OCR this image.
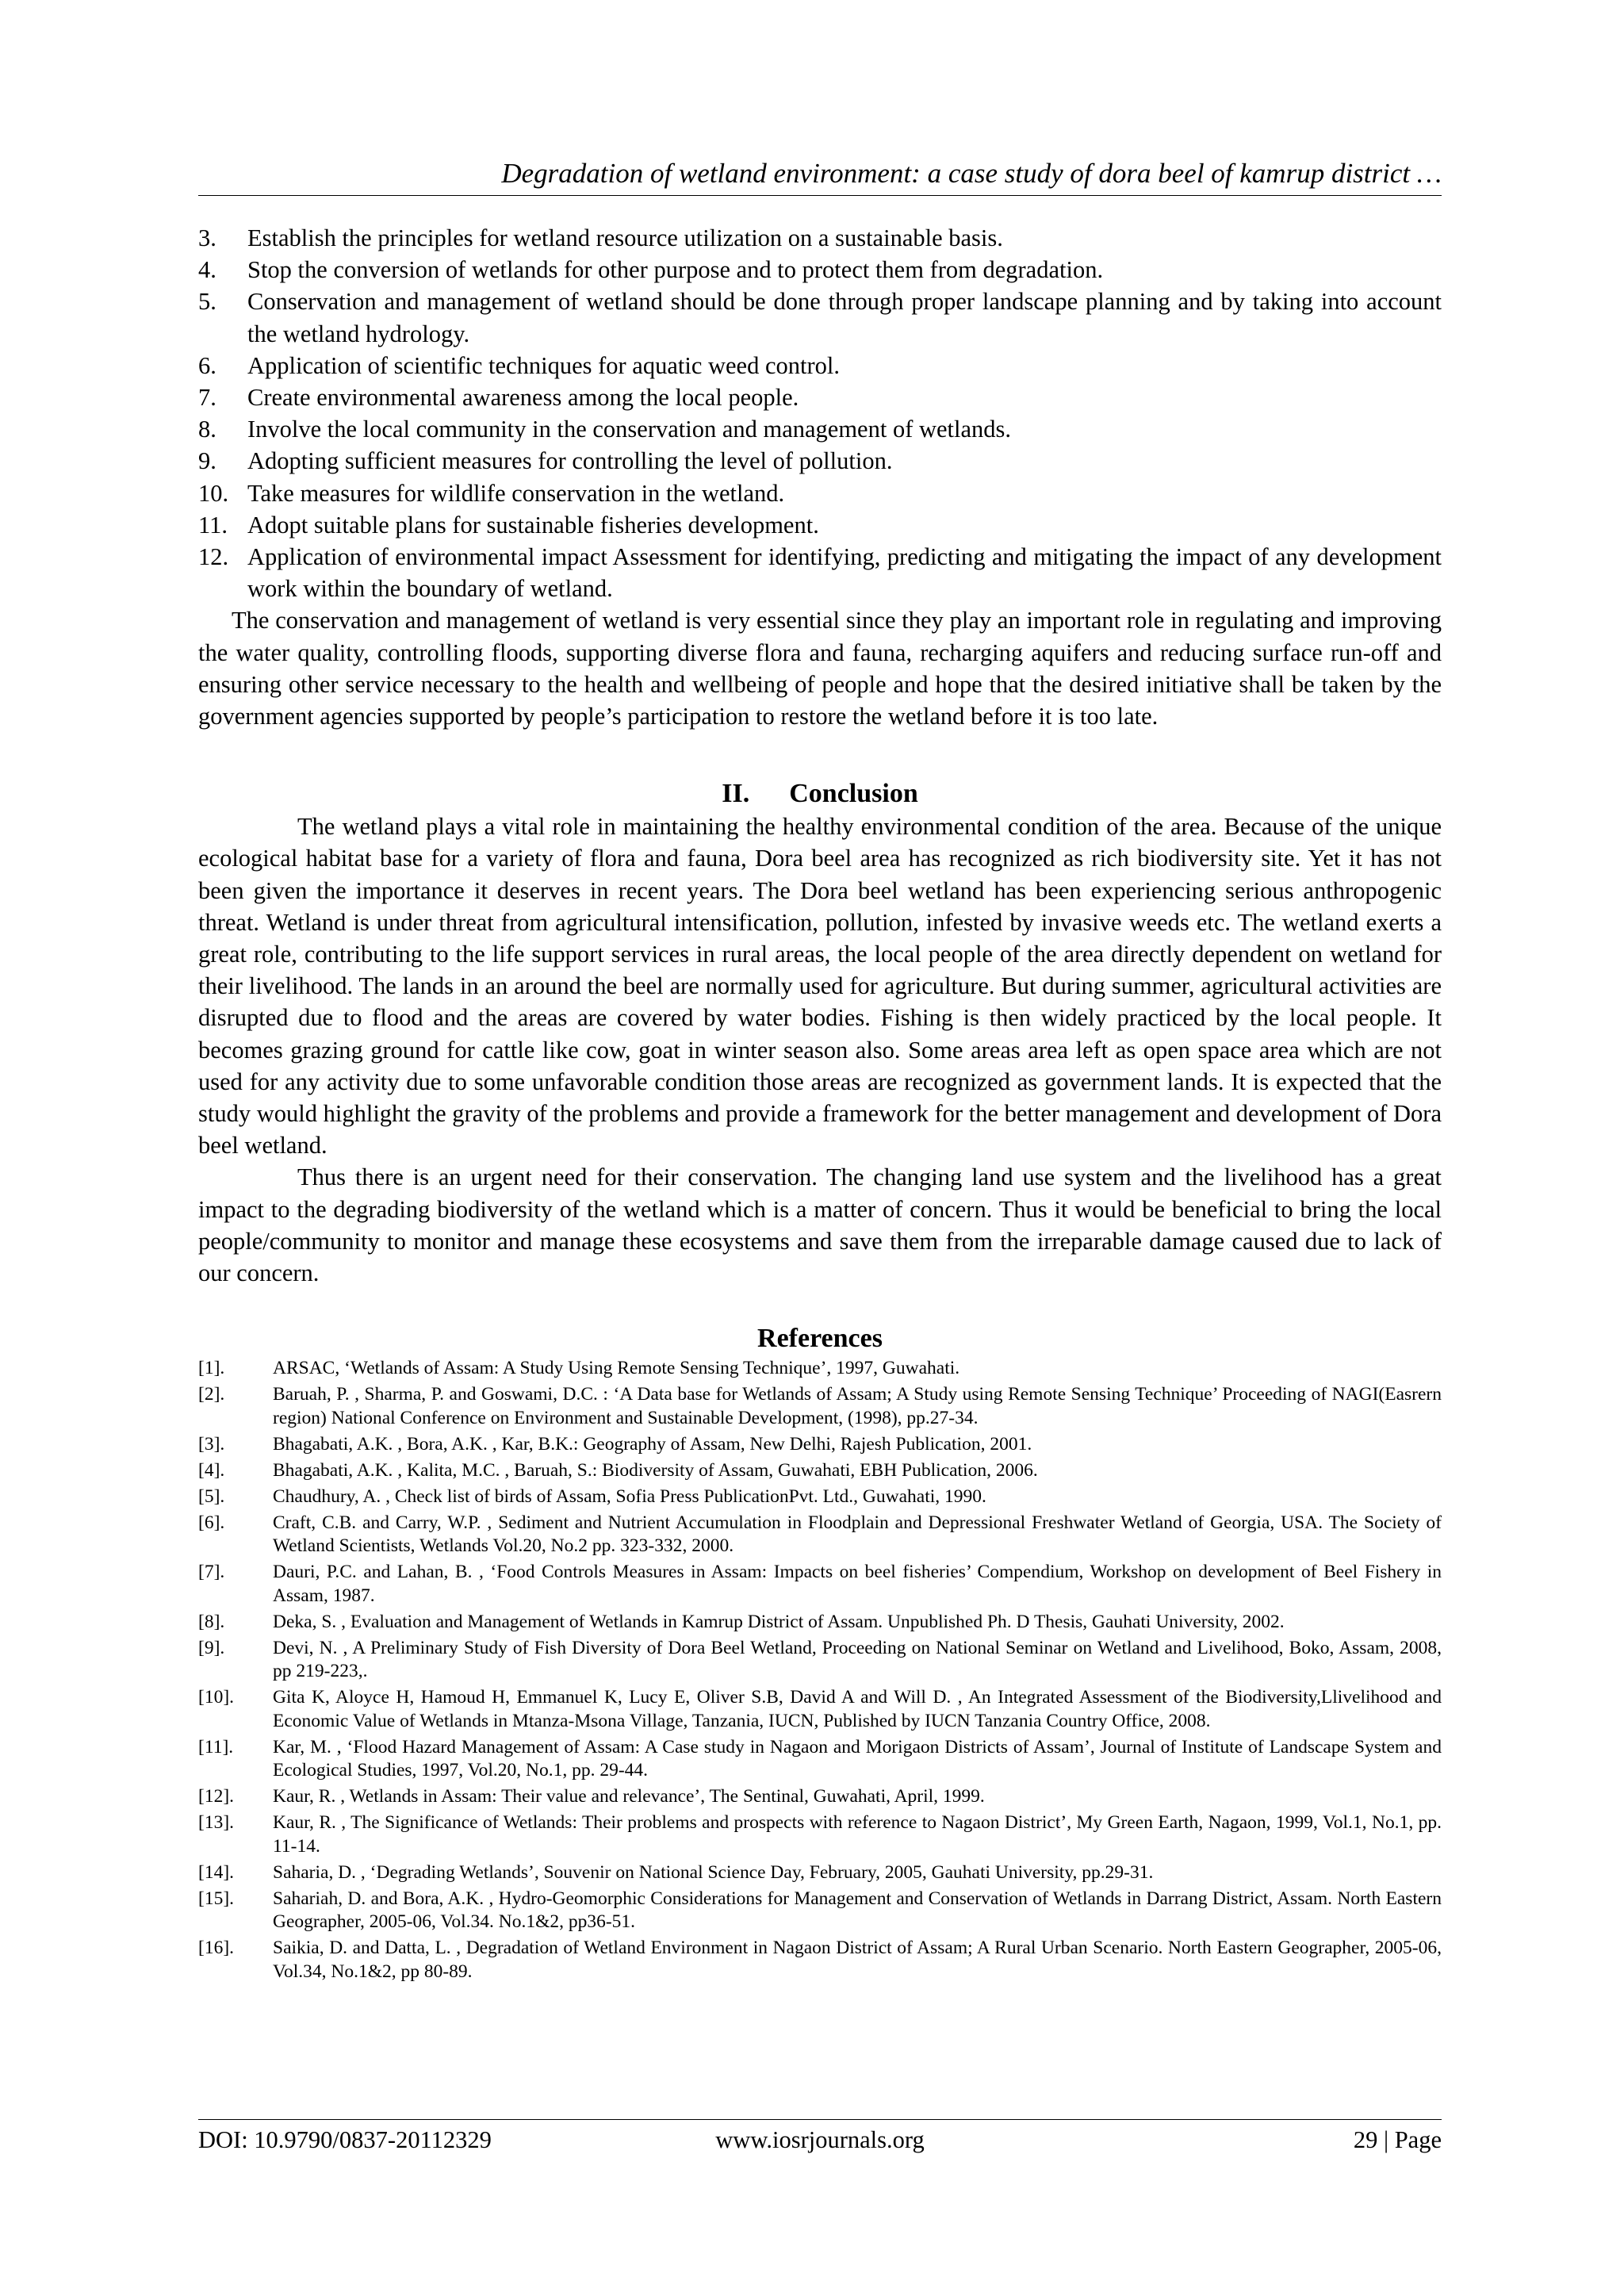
Degradation of wetland environment: a case study of dora beel of kamrup district …
3. Establish the principles for wetland resource utilization on a sustainable basis.
4. Stop the conversion of wetlands for other purpose and to protect them from degradation.
5. Conservation and management of wetland should be done through proper landscape planning and by taking into account the wetland hydrology.
6. Application of scientific techniques for aquatic weed control.
7. Create environmental awareness among the local people.
8. Involve the local community in the conservation and management of wetlands.
9. Adopting sufficient measures for controlling the level of pollution.
10. Take measures for wildlife conservation in the wetland.
11. Adopt suitable plans for sustainable fisheries development.
12. Application of environmental impact Assessment for identifying, predicting and mitigating the impact of any development work within the boundary of wetland.

The conservation and management of wetland is very essential since they play an important role in regulating and improving the water quality, controlling floods, supporting diverse flora and fauna, recharging aquifers and reducing surface run-off and ensuring other service necessary to the health and wellbeing of people and hope that the desired initiative shall be taken by the government agencies supported by people’s participation to restore the wetland before it is too late.

II. Conclusion

The wetland plays a vital role in maintaining the healthy environmental condition of the area. Because of the unique ecological habitat base for a variety of flora and fauna, Dora beel area has recognized as rich biodiversity site. Yet it has not been given the importance it deserves in recent years. The Dora beel wetland has been experiencing serious anthropogenic threat. Wetland is under threat from agricultural intensification, pollution, infested by invasive weeds etc. The wetland exerts a great role, contributing to the life support services in rural areas, the local people of the area directly dependent on wetland for their livelihood. The lands in an around the beel are normally used for agriculture. But during summer, agricultural activities are disrupted due to flood and the areas are covered by water bodies. Fishing is then widely practiced by the local people. It becomes grazing ground for cattle like cow, goat in winter season also. Some areas area left as open space area which are not used for any activity due to some unfavorable condition those areas are recognized as government lands. It is expected that the study would highlight the gravity of the problems and provide a framework for the better management and development of Dora beel wetland.

Thus there is an urgent need for their conservation. The changing land use system and the livelihood has a great impact to the degrading biodiversity of the wetland which is a matter of concern. Thus it would be beneficial to bring the local people/community to monitor and manage these ecosystems and save them from the irreparable damage caused due to lack of our concern.

References
[1].	ARSAC, ‘Wetlands of Assam: A Study Using Remote Sensing Technique’, 1997, Guwahati.
[2].	Baruah, P. , Sharma, P. and Goswami, D.C. : ‘A Data base for Wetlands of Assam; A Study using Remote Sensing Technique’ Proceeding of NAGI(Easrern region) National Conference on Environment and Sustainable Development, (1998), pp.27-34.
[3].	Bhagabati, A.K. , Bora, A.K. , Kar, B.K.: Geography of Assam, New Delhi, Rajesh Publication, 2001.
[4].	Bhagabati, A.K. , Kalita, M.C. , Baruah, S.: Biodiversity of Assam, Guwahati, EBH Publication, 2006.
[5].	Chaudhury, A. , Check list of birds of Assam, Sofia Press PublicationPvt. Ltd., Guwahati, 1990.
[6].	Craft, C.B. and Carry, W.P. , Sediment and Nutrient Accumulation in Floodplain and Depressional Freshwater Wetland of Georgia, USA. The Society of Wetland Scientists, Wetlands Vol.20, No.2 pp. 323-332, 2000.
[7].	Dauri, P.C. and Lahan, B. , ‘Food Controls Measures in Assam: Impacts on beel fisheries’ Compendium, Workshop on development of Beel Fishery in Assam, 1987.
[8].	Deka, S. , Evaluation and Management of Wetlands in Kamrup District of Assam. Unpublished Ph. D Thesis, Gauhati University, 2002.
[9].	Devi, N. , A Preliminary Study of Fish Diversity of Dora Beel Wetland, Proceeding on National Seminar on Wetland and Livelihood, Boko, Assam, 2008, pp 219-223,.
[10]. Gita K, Aloyce H, Hamoud H, Emmanuel K, Lucy E, Oliver S.B, David A and Will D. , An Integrated Assessment of the Biodiversity,Llivelihood and Economic Value of Wetlands in Mtanza-Msona Village, Tanzania, IUCN, Published by IUCN Tanzania Country Office, 2008.
[11]. Kar, M. , ‘Flood Hazard Management of Assam: A Case study in Nagaon and Morigaon Districts of Assam’, Journal of Institute of Landscape System and Ecological Studies, 1997, Vol.20, No.1, pp. 29-44.
[12]. Kaur, R. , Wetlands in Assam: Their value and relevance’, The Sentinal, Guwahati, April, 1999.
[13]. Kaur, R. , The Significance of Wetlands: Their problems and prospects with reference to Nagaon District’, My Green Earth, Nagaon, 1999, Vol.1, No.1, pp. 11-14.
[14]. Saharia, D. , ‘Degrading Wetlands’, Souvenir on National Science Day, February, 2005, Gauhati University, pp.29-31.
[15]. Sahariah, D. and Bora, A.K. , Hydro-Geomorphic Considerations for Management and Conservation of Wetlands in Darrang District, Assam. North Eastern Geographer, 2005-06, Vol.34. No.1&2, pp36-51.
[16]. Saikia, D. and Datta, L. , Degradation of Wetland Environment in Nagaon District of Assam; A Rural Urban Scenario. North Eastern Geographer, 2005-06, Vol.34, No.1&2, pp 80-89.
DOI: 10.9790/0837-20112329	www.iosrjournals.org	29 | Page
